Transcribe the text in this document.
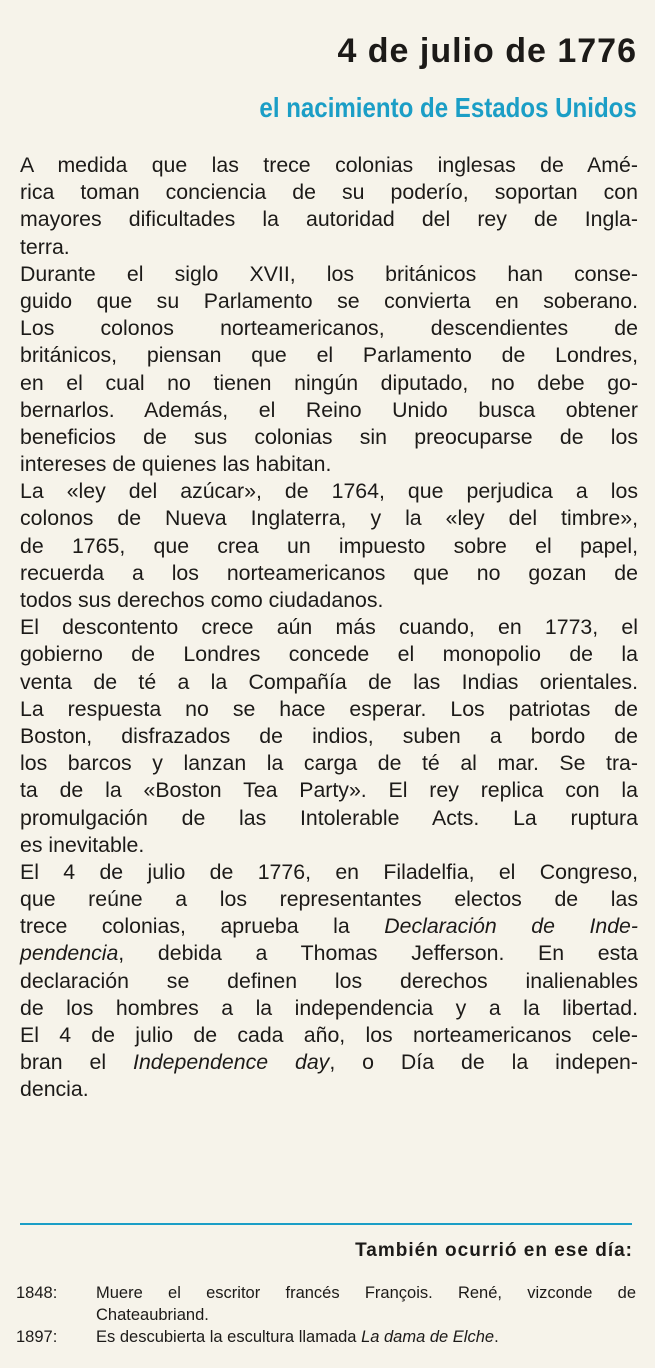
4 de julio de 1776
el nacimiento de Estados Unidos
A medida que las trece colonias inglesas de Amé-
rica toman conciencia de su poderío, soportan con
mayores dificultades la autoridad del rey de Ingla-
terra.
Durante el siglo XVII, los británicos han conse-
guido que su Parlamento se convierta en soberano.
Los colonos norteamericanos, descendientes de
británicos, piensan que el Parlamento de Londres,
en el cual no tienen ningún diputado, no debe go-
bernarlos. Además, el Reino Unido busca obtener
beneficios de sus colonias sin preocuparse de los
intereses de quienes las habitan.
La «ley del azúcar», de 1764, que perjudica a los
colonos de Nueva Inglaterra, y la «ley del timbre»,
de 1765, que crea un impuesto sobre el papel,
recuerda a los norteamericanos que no gozan de
todos sus derechos como ciudadanos.
El descontento crece aún más cuando, en 1773, el
gobierno de Londres concede el monopolio de la
venta de té a la Compañía de las Indias orientales.
La respuesta no se hace esperar. Los patriotas de
Boston, disfrazados de indios, suben a bordo de
los barcos y lanzan la carga de té al mar. Se tra-
ta de la «Boston Tea Party». El rey replica con la
promulgación de las Intolerable Acts. La ruptura
es inevitable.
El 4 de julio de 1776, en Filadelfia, el Congreso,
que reúne a los representantes electos de las
trece colonias, aprueba la Declaración de Inde-
pendencia, debida a Thomas Jefferson. En esta
declaración se definen los derechos inalienables
de los hombres a la independencia y a la libertad.
El 4 de julio de cada año, los norteamericanos cele-
bran el Independence day, o Día de la indepen-
dencia.
También ocurrió en ese día:
1848:	Muere el escritor francés François. René, vizconde de
Chateaubriand.
1897:	Es descubierta la escultura llamada La dama de Elche.
